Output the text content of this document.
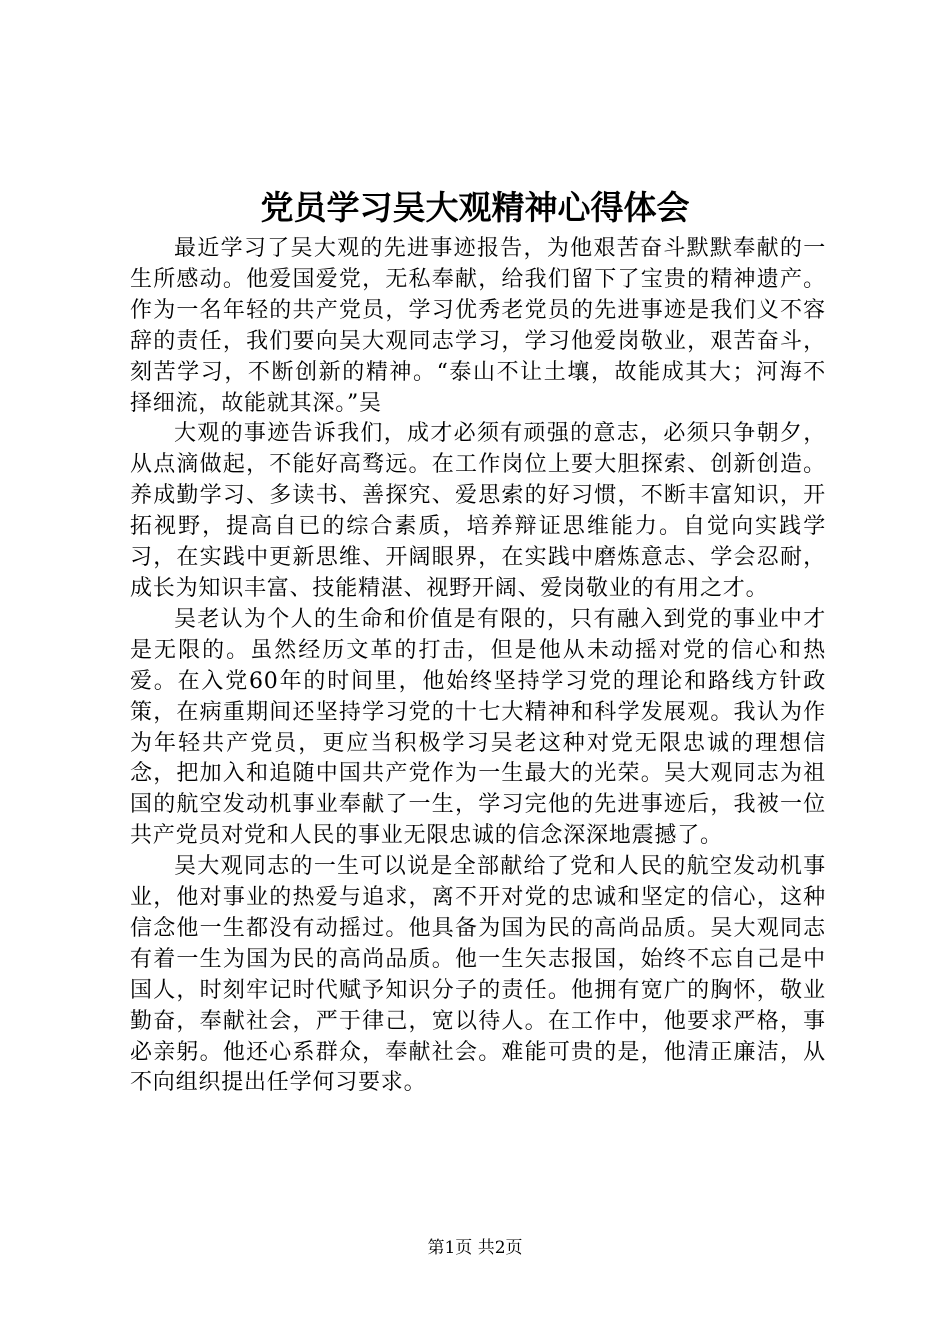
党员学习吴大观精神心得体会

最近学习了吴大观的先进事迹报告，为他艰苦奋斗默默奉献的一生所感动。他爱国爱党，无私奉献，给我们留下了宝贵的精神遗产。作为一名年轻的共产党员，学习优秀老党员的先进事迹是我们义不容辞的责任，我们要向吴大观同志学习，学习他爱岗敬业，艰苦奋斗，刻苦学习，不断创新的精神。“泰山不让土壤，故能成其大；河海不择细流，故能就其深。”吴

大观的事迹告诉我们，成才必须有顽强的意志，必须只争朝夕，从点滴做起，不能好高骛远。在工作岗位上要大胆探索、创新创造。养成勤学习、多读书、善探究、爱思索的好习惯，不断丰富知识，开拓视野，提高自已的综合素质，培养辩证思维能力。自觉向实践学习，在实践中更新思维、开阔眼界，在实践中磨炼意志、学会忍耐，成长为知识丰富、技能精湛、视野开阔、爱岗敬业的有用之才。

吴老认为个人的生命和价值是有限的，只有融入到党的事业中才是无限的。虽然经历文革的打击，但是他从未动摇对党的信心和热爱。在入党60年的时间里，他始终坚持学习党的理论和路线方针政策，在病重期间还坚持学习党的十七大精神和科学发展观。我认为作为年轻共产党员，更应当积极学习吴老这种对党无限忠诚的理想信念，把加入和追随中国共产党作为一生最大的光荣。吴大观同志为祖国的航空发动机事业奉献了一生，学习完他的先进事迹后，我被一位共产党员对党和人民的事业无限忠诚的信念深深地震撼了。

吴大观同志的一生可以说是全部献给了党和人民的航空发动机事业，他对事业的热爱与追求，离不开对党的忠诚和坚定的信心，这种信念他一生都没有动摇过。他具备为国为民的高尚品质。吴大观同志有着一生为国为民的高尚品质。他一生矢志报国，始终不忘自己是中国人，时刻牢记时代赋予知识分子的责任。他拥有宽广的胸怀，敬业勤奋，奉献社会，严于律己，宽以待人。在工作中，他要求严格，事必亲躬。他还心系群众，奉献社会。难能可贵的是，他清正廉洁，从不向组织提出任学何习要求。

第1页 共2页
